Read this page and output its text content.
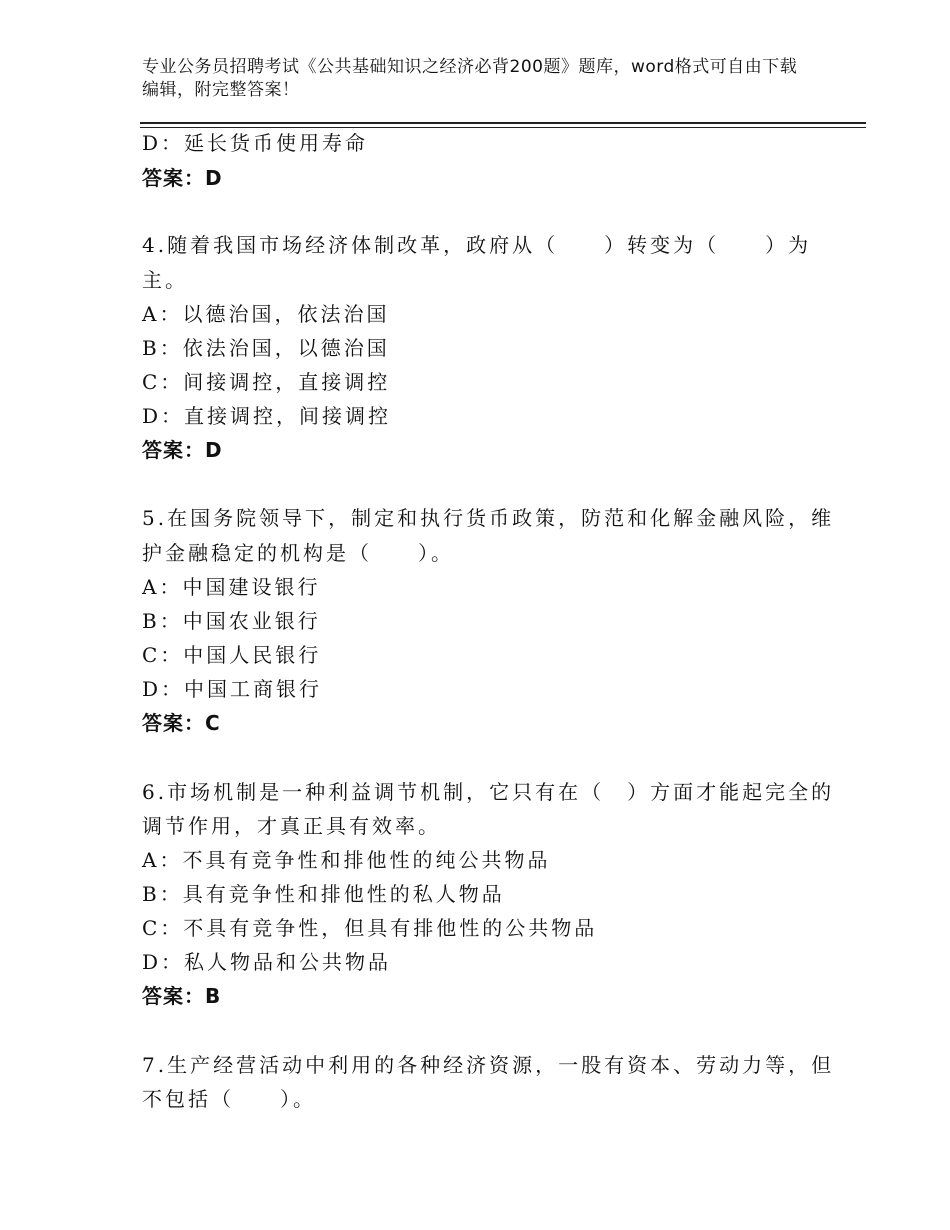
专业公务员招聘考试《公共基础知识之经济必背200题》题库，word格式可自由下载编辑，附完整答案！
D：延长货币使用寿命
答案：D
4.随着我国市场经济体制改革，政府从（　　）转变为（　　）为
主。
A：以德治国，依法治国
B：依法治国，以德治国
C：间接调控，直接调控
D：直接调控，间接调控
答案：D
5.在国务院领导下，制定和执行货币政策，防范和化解金融风险，维
护金融稳定的机构是（　　）。
A：中国建设银行
B：中国农业银行
C：中国人民银行
D：中国工商银行
答案：C
6.市场机制是一种利益调节机制，它只有在（　）方面才能起完全的
调节作用，才真正具有效率。
A：不具有竞争性和排他性的纯公共物品
B：具有竞争性和排他性的私人物品
C：不具有竞争性，但具有排他性的公共物品
D：私人物品和公共物品
答案：B
7.生产经营活动中利用的各种经济资源，一股有资本、劳动力等，但
不包括（　　）。
